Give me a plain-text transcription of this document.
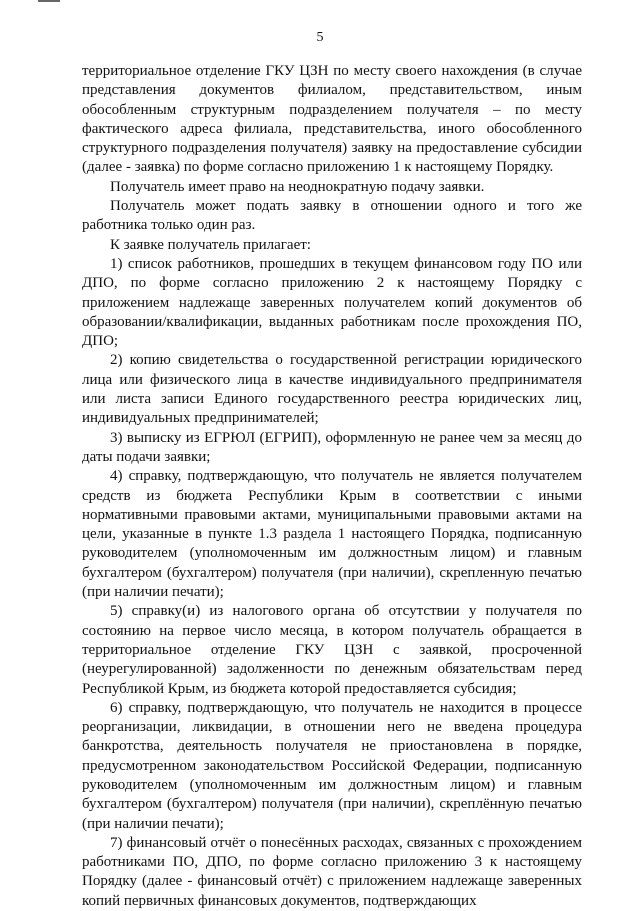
5

территориальное отделение ГКУ ЦЗН по месту своего нахождения (в случае представления документов филиалом, представительством, иным обособленным структурным подразделением получателя – по месту фактического адреса филиала, представительства, иного обособленного структурного подразделения получателя) заявку на предоставление субсидии (далее - заявка) по форме согласно приложению 1 к настоящему Порядку.

Получатель имеет право на неоднократную подачу заявки.

Получатель может подать заявку в отношении одного и того же работника только один раз.

К заявке получатель прилагает:

1) список работников, прошедших в текущем финансовом году ПО или ДПО, по форме согласно приложению 2 к настоящему Порядку с приложением надлежаще заверенных получателем копий документов об образовании/квалификации, выданных работникам после прохождения ПО, ДПО;

2) копию свидетельства о государственной регистрации юридического лица или физического лица в качестве индивидуального предпринимателя или листа записи Единого государственного реестра юридических лиц, индивидуальных предпринимателей;

3) выписку из ЕГРЮЛ (ЕГРИП), оформленную не ранее чем за месяц до даты подачи заявки;

4) справку, подтверждающую, что получатель не является получателем средств из бюджета Республики Крым в соответствии с иными нормативными правовыми актами, муниципальными правовыми актами на цели, указанные в пункте 1.3 раздела 1 настоящего Порядка, подписанную руководителем (уполномоченным им должностным лицом) и главным бухгалтером (бухгалтером) получателя (при наличии), скрепленную печатью (при наличии печати);

5) справку(и) из налогового органа об отсутствии у получателя по состоянию на первое число месяца, в котором получатель обращается в территориальное отделение ГКУ ЦЗН с заявкой, просроченной (неурегулированной) задолженности по денежным обязательствам перед Республикой Крым, из бюджета которой предоставляется субсидия;

6) справку, подтверждающую, что получатель не находится в процессе реорганизации, ликвидации, в отношении него не введена процедура банкротства, деятельность получателя не приостановлена в порядке, предусмотренном законодательством Российской Федерации, подписанную руководителем (уполномоченным им должностным лицом) и главным бухгалтером (бухгалтером) получателя (при наличии), скреплённую печатью (при наличии печати);

7) финансовый отчёт о понесённых расходах, связанных с прохождением работниками ПО, ДПО, по форме согласно приложению 3 к настоящему Порядку (далее - финансовый отчёт) с приложением надлежаще заверенных копий первичных финансовых документов, подтверждающих
